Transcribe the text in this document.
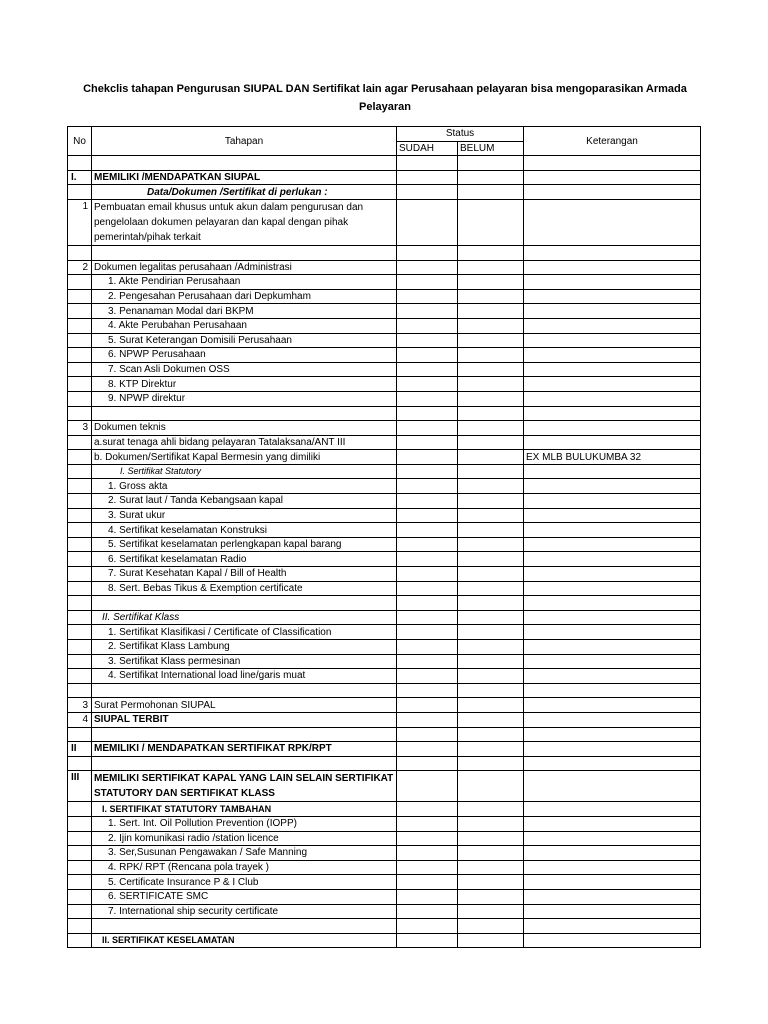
Chekclis tahapan Pengurusan SIUPAL DAN Sertifikat lain agar Perusahaan pelayaran bisa mengoparasikan Armada Pelayaran
No	Tahapan	Status		Keterangan
		SUDAH	BELUM	

I.	MEMILIKI /MENDAPATKAN SIUPAL			
	Data/Dokumen /Sertifikat di perlukan :			
1	Pembuatan email khusus untuk akun dalam pengurusan dan pengelolaan dokumen pelayaran dan kapal dengan pihak pemerintah/pihak terkait			

2	Dokumen legalitas perusahaan /Administrasi			
	1. Akte Pendirian Perusahaan			
	2. Pengesahan Perusahaan dari Depkumham			
	3. Penanaman Modal dari BKPM			
	4. Akte Perubahan Perusahaan			
	5. Surat Keterangan Domisili Perusahaan			
	6. NPWP Perusahaan			
	7. Scan Asli Dokumen OSS			
	8. KTP Direktur			
	9. NPWP direktur			

3	Dokumen teknis			
	a.surat tenaga ahli bidang pelayaran Tatalaksana/ANT III			
	b. Dokumen/Sertifikat Kapal Bermesin yang dimiliki			EX MLB BULUKUMBA 32
	I. Sertifikat Statutory			
	1. Gross akta			
	2. Surat laut / Tanda Kebangsaan kapal			
	3. Surat ukur			
	4. Sertifikat keselamatan Konstruksi			
	5. Sertifikat keselamatan perlengkapan kapal barang			
	6. Sertifikat keselamatan Radio			
	7. Surat Kesehatan Kapal / Bill of Health			
	8. Sert. Bebas Tikus & Exemption certificate			

	II. Sertifikat Klass			
	1. Sertifikat Klasifikasi / Certificate of Classification			
	2. Sertifikat Klass Lambung			
	3. Sertifikat Klass permesinan			
	4. Sertifikat International load line/garis muat			

3	Surat Permohonan SIUPAL			
4	SIUPAL TERBIT			

II	MEMILIKI / MENDAPATKAN SERTIFIKAT RPK/RPT			

III	MEMILIKI SERTIFIKAT KAPAL YANG LAIN SELAIN SERTIFIKAT STATUTORY DAN SERTIFIKAT KLASS			
	I. SERTIFIKAT STATUTORY TAMBAHAN			
	1. Sert. Int. Oil Pollution Prevention (IOPP)			
	2. Ijin komunikasi radio /station licence			
	3. Ser,Susunan Pengawakan / Safe Manning			
	4. RPK/ RPT (Rencana pola trayek )			
	5. Certificate Insurance P & I Club			
	6. SERTIFICATE SMC			
	7. International ship security certificate			

	II. SERTIFIKAT KESELAMATAN			
